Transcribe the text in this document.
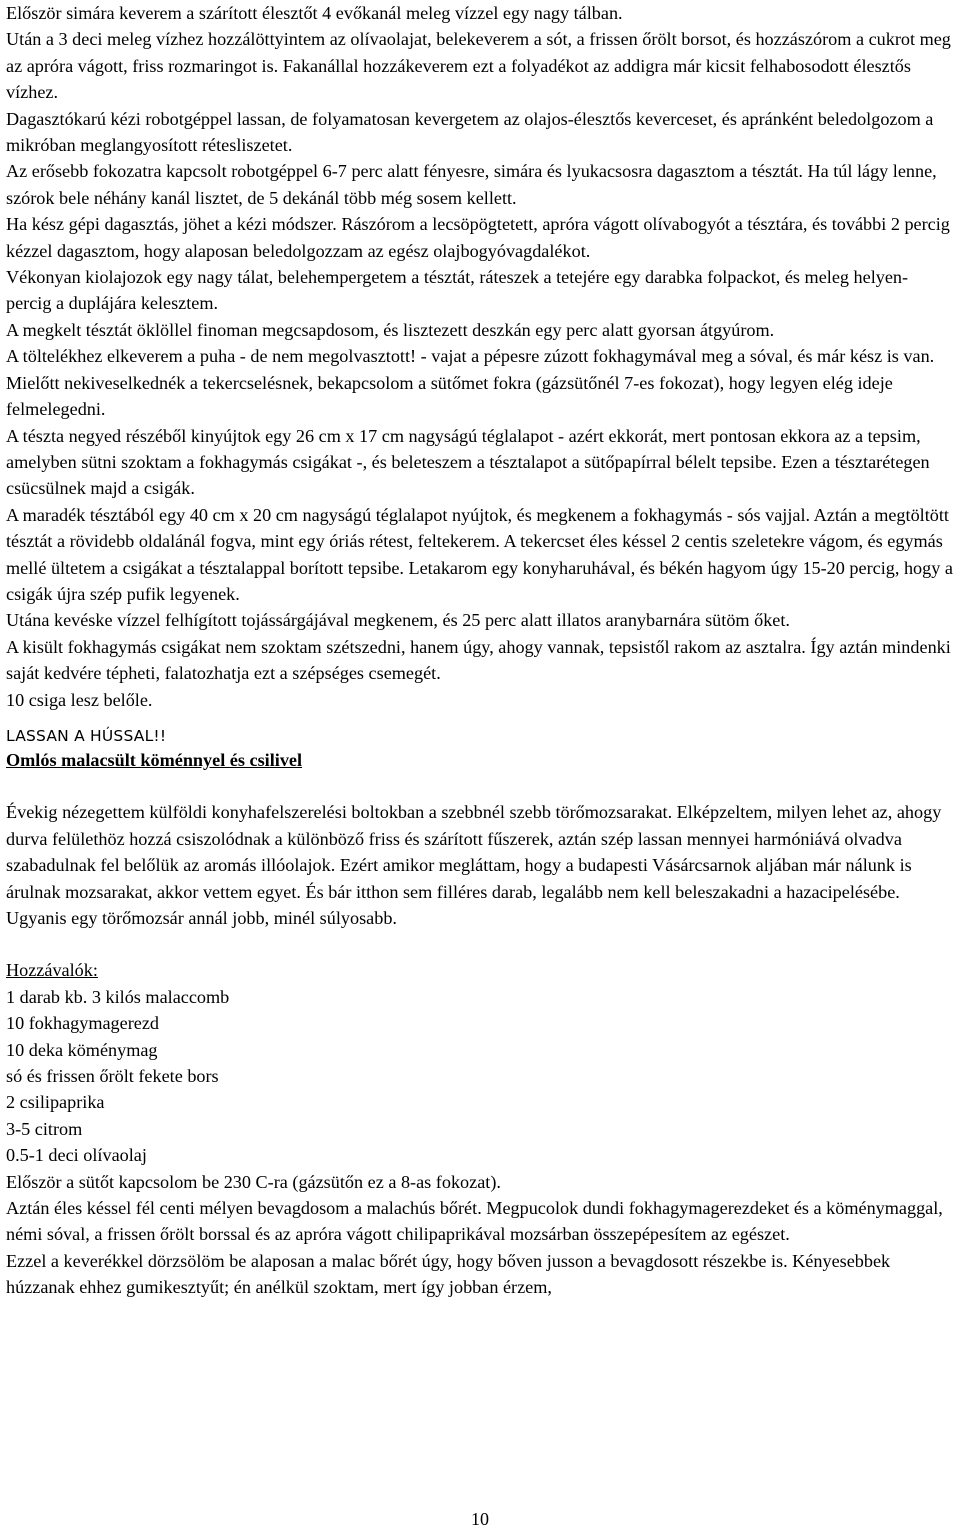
Először simára keverem a szárított élesztőt 4 evőkanál meleg vízzel egy nagy tálban.

Után a 3 deci meleg vízhez hozzálöttyintem az olívaolajat, belekeverem a sót, a frissen őrölt borsot, és hozzászórom a cukrot meg az apróra vágott, friss rozmaringot is. Fakanállal hozzákeverem ezt a folyadékot az addigra már kicsit felhabosodott élesztős vízhez.

Dagasztókarú kézi robotgéppel lassan, de folyamatosan kevergetem az olajos-élesztős keverceset, és apránként beledolgozom a mikróban meglangyosított rétesliszetet.

Az erősebb fokozatra kapcsolt robotgéppel 6-7 perc alatt fényesre, simára és lyukacsosra dagasztom a tésztát. Ha túl lágy lenne, szórok bele néhány kanál lisztet, de 5 dekánál több még sosem kellett.

Ha kész gépi dagasztás, jöhet a kézi módszer. Rászórom a lecsöpögtetett, apróra vágott olívabogyót a tésztára, és további 2 percig kézzel dagasztom, hogy alaposan beledolgozzam az egész olajbogyóvagdalékot.

Vékonyan kiolajozok egy nagy tálat, belehempergetem a tésztát, ráteszek a tetejére egy darabka folpackot, és meleg helyen- percig a duplájára kelesztem.

A megkelt tésztát öklöllel finoman megcsapdosom, és lisztezett deszkán egy perc alatt gyorsan átgyúrom.

A töltelékhez elkeverem a puha - de nem megolvasztott! - vajat a pépesre zúzott fokhagymával meg a sóval, és már kész is van.

Mielőtt nekiveselkednék a tekercselésnek, bekapcsolom a sütőmet fokra (gázsütőnél 7-es fokozat), hogy legyen elég ideje felmelegedni.

A tészta negyed részéből kinyújtok egy 26 cm x 17 cm nagyságú téglalapot - azért ekkorát, mert pontosan ekkora az a tepsim, amelyben sütni szoktam a fokhagymás csigákat -, és beleteszem a tésztalapot a sütőpapírral bélelt tepsibe. Ezen a tésztarétegen csücsülnek majd a csigák.

A maradék tésztából egy 40 cm x 20 cm nagyságú téglalapot nyújtok, és megkenem a fokhagymás - sós vajjal. Aztán a megtöltött tésztát a rövidebb oldalánál fogva, mint egy óriás rétest, feltekerem. A tekercset éles késsel 2 centis szeletekre vágom, és egymás mellé ültetem a csigákat a tésztalappal borított tepsibe. Letakarom egy konyharuhával, és békén hagyom úgy 15-20 percig, hogy a csigák újra szép pufik legyenek.

Utána kevéske vízzel felhígított tojássárgájával megkenem, és 25 perc alatt illatos aranybarnára sütöm őket.

A kisült fokhagymás csigákat nem szoktam szétszedni, hanem úgy, ahogy vannak, tepsistől rakom az asztalra. Így aztán mindenki saját kedvére tépheti, falatozhatja ezt a szépséges csemegét.

10 csiga lesz belőle.

LASSAN A HÚSSAL!!

Omlós malacsült köménnyel és csilivel

Évekig nézegettem külföldi konyhafelszerelési boltokban a szebbnél szebb törőmozsarakat. Elképzeltem, milyen lehet az, ahogy durva felülethöz hozzá csiszolódnak a különböző friss és szárított fűszerek, aztán szép lassan mennyei harmóniává olvadva szabadulnak fel belőlük az aromás illóolajok. Ezért amikor megláttam, hogy a budapesti Vásárcsarnok aljában már nálunk is árulnak mozsarakat, akkor vettem egyet. És bár itthon sem filléres darab, legalább nem kell beleszakadni a hazacipelésébe. Ugyanis egy törőmozsár annál jobb, minél súlyosabb.

Hozzávalók:

1 darab kb. 3 kilós malaccomb

10 fokhagymagerezd

10 deka köménymag

só és frissen őrölt fekete bors

2 csilipaprika

3-5 citrom

0.5-1 deci olívaolaj

Először a sütőt kapcsolom be 230 C-ra (gázsütőn ez a 8-as fokozat).

Aztán éles késsel fél centi mélyen bevagdosom a malachús bőrét. Megpucolok dundi fokhagymagerezdeket és a köménymaggal, némi sóval, a frissen őrölt borssal és az apróra vágott chilipaprikával mozsárban összepépesítem az egészet.

Ezzel a keverékkel dörzsölöm be alaposan a malac bőrét úgy, hogy bőven jusson a bevagdosott részekbe is. Kényesebbek húzzanak ehhez gumikesztyűt; én anélkül szoktam, mert így jobban érzem,

10
